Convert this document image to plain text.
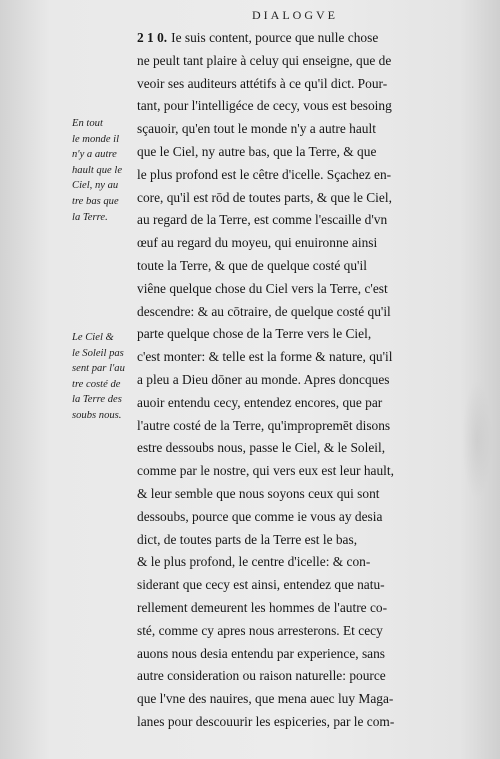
DIALOGVE
En tout
le monde il
n'y a autre
hault que le
Ciel, ny au
tre bas que
la Terre.
Le Ciel &
le Soleil pas
sent par l'au
tre costé de
la Terre des
soubs nous.
2 1 0. Ie suis content, pource que nulle chose
ne peult tant plaire à celuy qui enseigne, que de
veoir ses auditeurs attétifs à ce qu'il dict. Pour-
tant, pour l'intelligéce de cecy, vous est besoing
sçauoir, qu'en tout le monde n'y a autre hault
que le Ciel, ny autre bas, que la Terre, & que
le plus profond est le cêtre d'icelle. Sçachez en-
core, qu'il est rōd de toutes parts, & que le Ciel,
au regard de la Terre, est comme l'escaille d'vn
œuf au regard du moyeu, qui enuironne ainsi
toute la Terre, & que de quelque costé qu'il
viêne quelque chose du Ciel vers la Terre, c'est
descendre: & au cōtraire, de quelque costé qu'il
parte quelque chose de la Terre vers le Ciel,
c'est monter: & telle est la forme & nature, qu'il
a pleu a Dieu dōner au monde. Apres doncques
auoir entendu cecy, entendez encores, que par
l'autre costé de la Terre, qu'impropremēt disons
estre dessoubs nous, passe le Ciel, & le Soleil,
comme par le nostre, qui vers eux est leur hault,
& leur semble que nous soyons ceux qui sont
dessoubs, pource que comme ie vous ay desia
dict, de toutes parts de la Terre est le bas,
& le plus profond, le centre d'icelle: & con-
siderant que cecy est ainsi, entendez que natu-
rellement demeurent les hommes de l'autre co-
sté, comme cy apres nous arresterons. Et cecy
auons nous desia entendu par experience, sans
autre consideration ou raison naturelle: pource
que l'vne des nauires, que mena auec luy Maga-
lanes pour descouurir les espiceries, par le com-
